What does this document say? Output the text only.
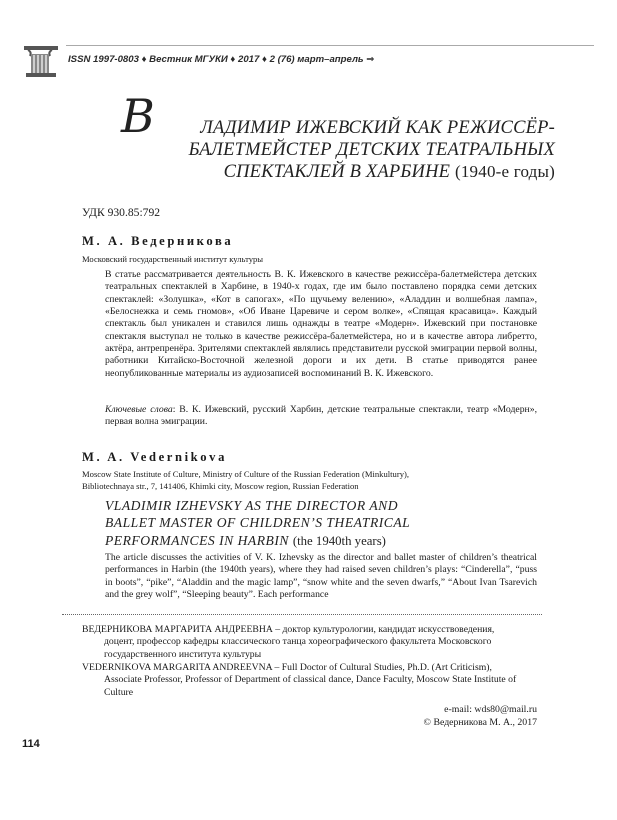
ISSN 1997-0803 ♦ Вестник МГУКИ ♦ 2017 ♦ 2 (76) март–апрель ⇒
В	ЛАДИМИР ИЖЕВСКИЙ КАК РЕЖИССЁР-
БАЛЕТМЕЙСТЕР ДЕТСКИХ ТЕАТРАЛЬНЫХ
СПЕКТАКЛЕЙ В ХАРБИНЕ (1940-е годы)
УДК 930.85:792
М. А. Ведерникова
Московский государственный институт культуры
В статье рассматривается деятельность В. К. Ижевского в качестве режиссёра-балетмейстера детских театральных спектаклей в Харбине, в 1940-х годах, где им было поставлено порядка семи детских спектаклей: «Золушка», «Кот в сапогах», «По щучьему велению», «Аладдин и волшебная лампа», «Белоснежка и семь гномов», «Об Иване Царевиче и сером волке», «Спящая красавица». Каждый спектакль был уникален и ставился лишь однажды в театре «Модерн». Ижевский при постановке спектакля выступал не только в качестве режиссёра-балетмейстера, но и в качестве автора либретто, актёра, антрепренёра. Зрителями спектаклей являлись представители русской эмиграции первой волны, работники Китайско-Восточной железной дороги и их дети. В статье приводятся ранее неопубликованные материалы из аудиозаписей воспоминаний В. К. Ижевского.
Ключевые слова: В. К. Ижевский, русский Харбин, детские театральные спектакли, театр «Модерн», первая волна эмиграции.
M. A. Vedernikova
Moscow State Institute of Culture, Ministry of Culture of the Russian Federation (Minkultury),
Bibliotechnaya str., 7, 141406, Khimki city, Moscow region, Russian Federation
VLADIMIR IZHEVSKY AS THE DIRECTOR AND
BALLET MASTER OF CHILDREN’S THEATRICAL
PERFORMANCES IN HARBIN (the 1940th years)
The article discusses the activities of V. K. Izhevsky as the director and ballet master of children’s theatrical performances in Harbin (the 1940th years), where they had raised seven children’s plays: “Cinderella”, “puss in boots”, “pike”, “Aladdin and the magic lamp”, “snow white and the seven dwarfs,” “About Ivan Tsarevich and the grey wolf”, “Sleeping beauty”. Each performance
ВЕДЕРНИКОВА МАРГАРИТА АНДРЕЕВНА – доктор культурологии, кандидат искусствоведения,
доцент, профессор кафедры классического танца хореографического факультета Московского государственного института культуры
VEDERNIKOVA MARGARITA ANDREEVNA – Full Doctor of Cultural Studies, Ph.D. (Art Criticism),
Associate Professor, Professor of Department of classical dance, Dance Faculty, Moscow State Institute of Culture
e-mail: wds80@mail.ru
© Ведерникова М. А., 2017
114
